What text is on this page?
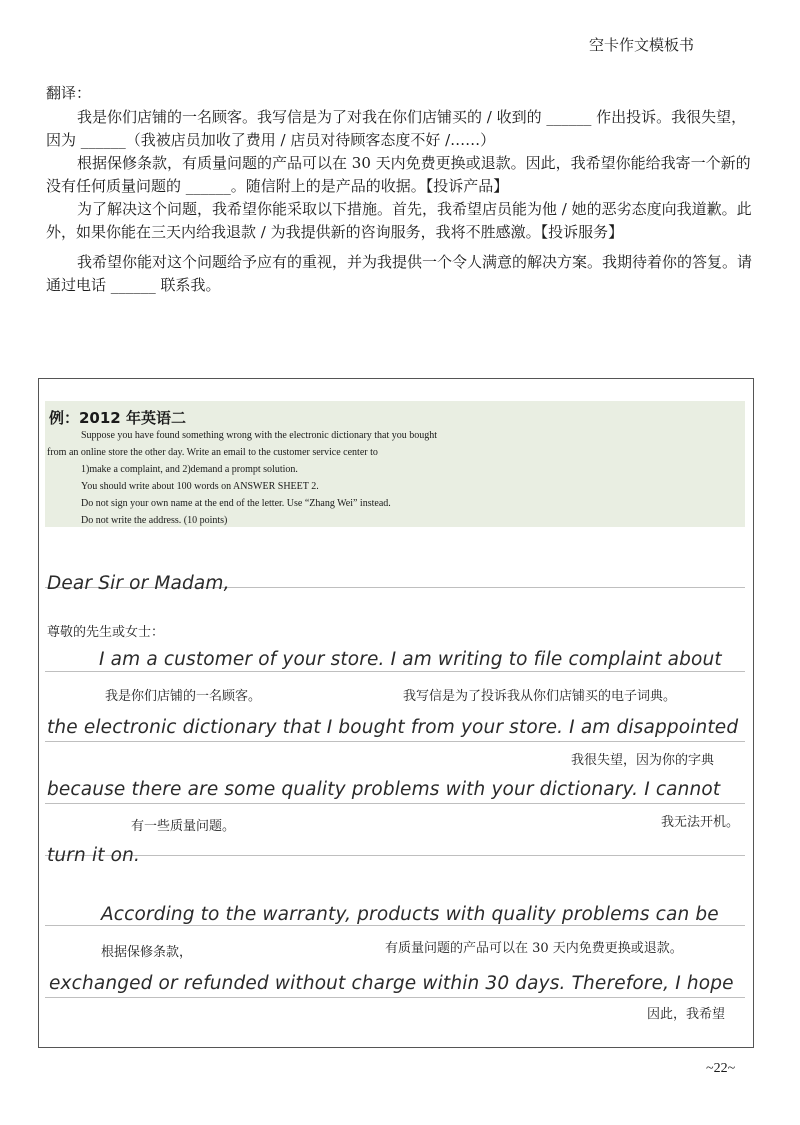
空卡作文模板书

翻译：

我是你们店铺的一名顾客。我写信是为了对我在你们店铺买的 / 收到的 ______ 作出投诉。我很失望，因为 ______（我被店员加收了费用 / 店员对待顾客态度不好 /……）

根据保修条款，有质量问题的产品可以在 30 天内免费更换或退款。因此，我希望你能给我寄一个新的没有任何质量问题的 ______。随信附上的是产品的收据。【投诉产品】

为了解决这个问题，我希望你能采取以下措施。首先，我希望店员能为他 / 她的恶劣态度向我道歉。此外，如果你能在三天内给我退款 / 为我提供新的咨询服务，我将不胜感激。【投诉服务】

我希望你能对这个问题给予应有的重视，并为我提供一个令人满意的解决方案。我期待着你的答复。请通过电话 ______ 联系我。

例：2012 年英语二

Suppose you have found something wrong with the electronic dictionary that you bought

from an online store the other day. Write an email to the customer service center to

1)make a complaint, and 2)demand a prompt solution.

You should write about 100 words on ANSWER SHEET 2.

Do not sign your own name at the end of the letter. Use “Zhang Wei” instead.

Do not write the address. (10 points)

Dear Sir or Madam,
I am a customer of your store. I am writing to file complaint about
the electronic dictionary that I bought from your store. I am disappointed
because there are some quality problems with your dictionary. I cannot
turn it on.
According to the warranty, products with quality problems can be
exchanged or refunded without charge within 30 days. Therefore, I hope
尊敬的先生或女士：
我是你们店铺的一名顾客。	我写信是为了投诉我从你们店铺买的电子词典。
我很失望，因为你的字典
有一些质量问题。	我无法开机。
根据保修条款，	有质量问题的产品可以在 30 天内免费更换或退款。
因此，我希望
~22~
